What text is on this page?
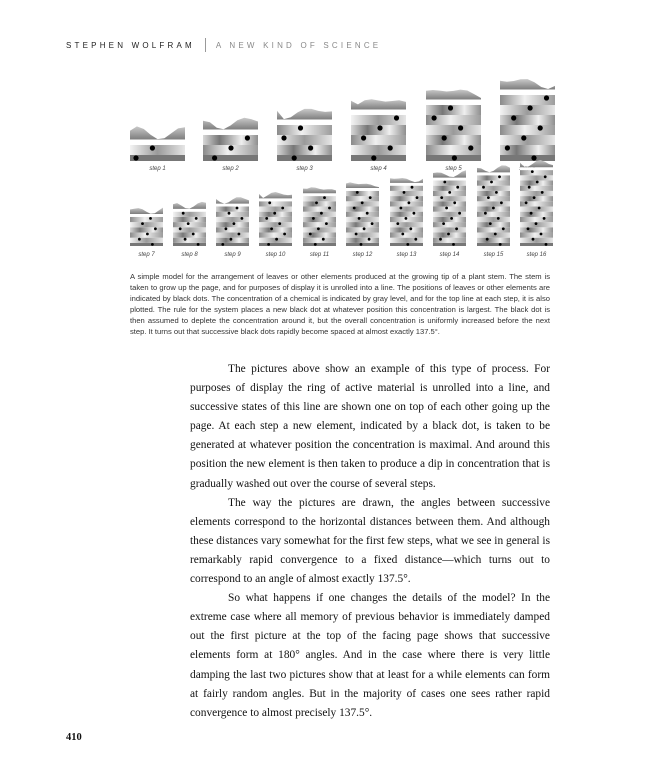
STEPHEN WOLFRAM	A NEW KIND OF SCIENCE
step 1	step 2	step 3	step 4	step 5
step 7	step 8	step 9	step 10	step 11	step 12	step 13	step 14	step 15	step 16
A simple model for the arrangement of leaves or other elements produced at the growing tip of a plant stem. The stem is taken to grow up the page, and for purposes of display it is unrolled into a line. The positions of leaves or other elements are indicated by black dots. The concentration of a chemical is indicated by gray level, and for the top line at each step, it is also plotted. The rule for the system places a new black dot at whatever position this concentration is largest. The black dot is then assumed to deplete the concentration around it, but the overall concentration is uniformly increased before the next step. It turns out that successive black dots rapidly become spaced at almost exactly 137.5°.

The pictures above show an example of this type of process. For purposes of display the ring of active material is unrolled into a line, and successive states of this line are shown one on top of each other going up the page. At each step a new element, indicated by a black dot, is taken to be generated at whatever position the concentration is maximal. And around this position the new element is then taken to produce a dip in concentration that is gradually washed out over the course of several steps.

The way the pictures are drawn, the angles between successive elements correspond to the horizontal distances between them. And although these distances vary somewhat for the first few steps, what we see in general is remarkably rapid convergence to a fixed distance—which turns out to correspond to an angle of almost exactly 137.5°.

So what happens if one changes the details of the model? In the extreme case where all memory of previous behavior is immediately damped out the first picture at the top of the facing page shows that successive elements form at 180° angles. And in the case where there is very little damping the last two pictures show that at least for a while elements can form at fairly random angles. But in the majority of cases one sees rather rapid convergence to almost precisely 137.5°.

410
